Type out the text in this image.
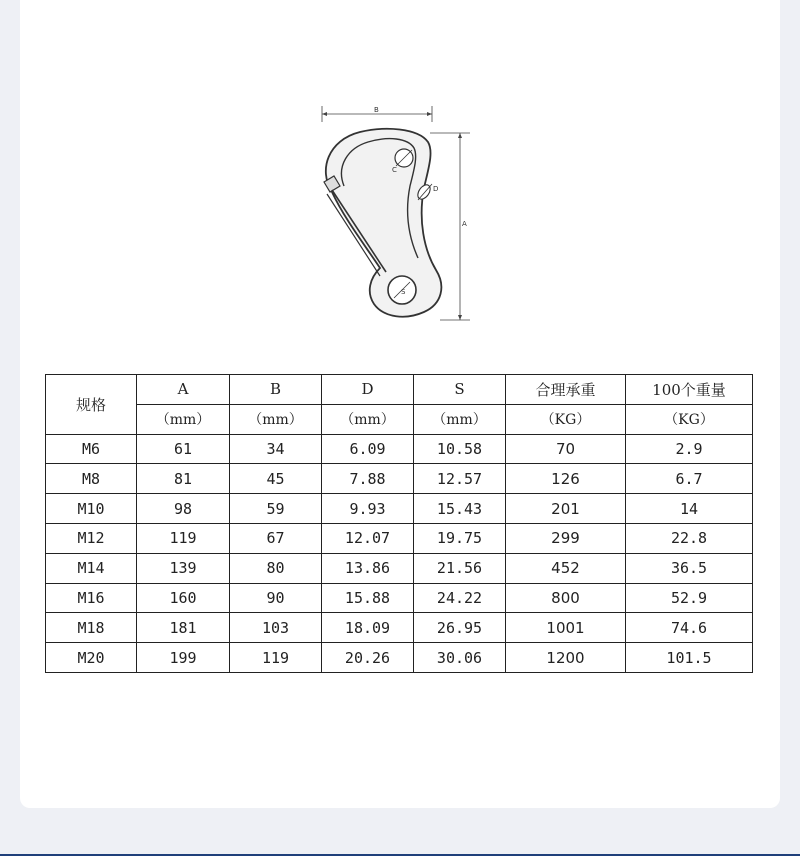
B
A
S
C
D
规格	A	B	D	S	合理承重	100个重量
	（mm）	（mm）	（mm）	（mm）	（KG）	（KG）
M6	61	34	6.09	10.58	70	2.9
M8	81	45	7.88	12.57	126	6.7
M10	98	59	9.93	15.43	201	14
M12	119	67	12.07	19.75	299	22.8
M14	139	80	13.86	21.56	452	36.5
M16	160	90	15.88	24.22	800	52.9
M18	181	103	18.09	26.95	1001	74.6
M20	199	119	20.26	30.06	1200	101.5
